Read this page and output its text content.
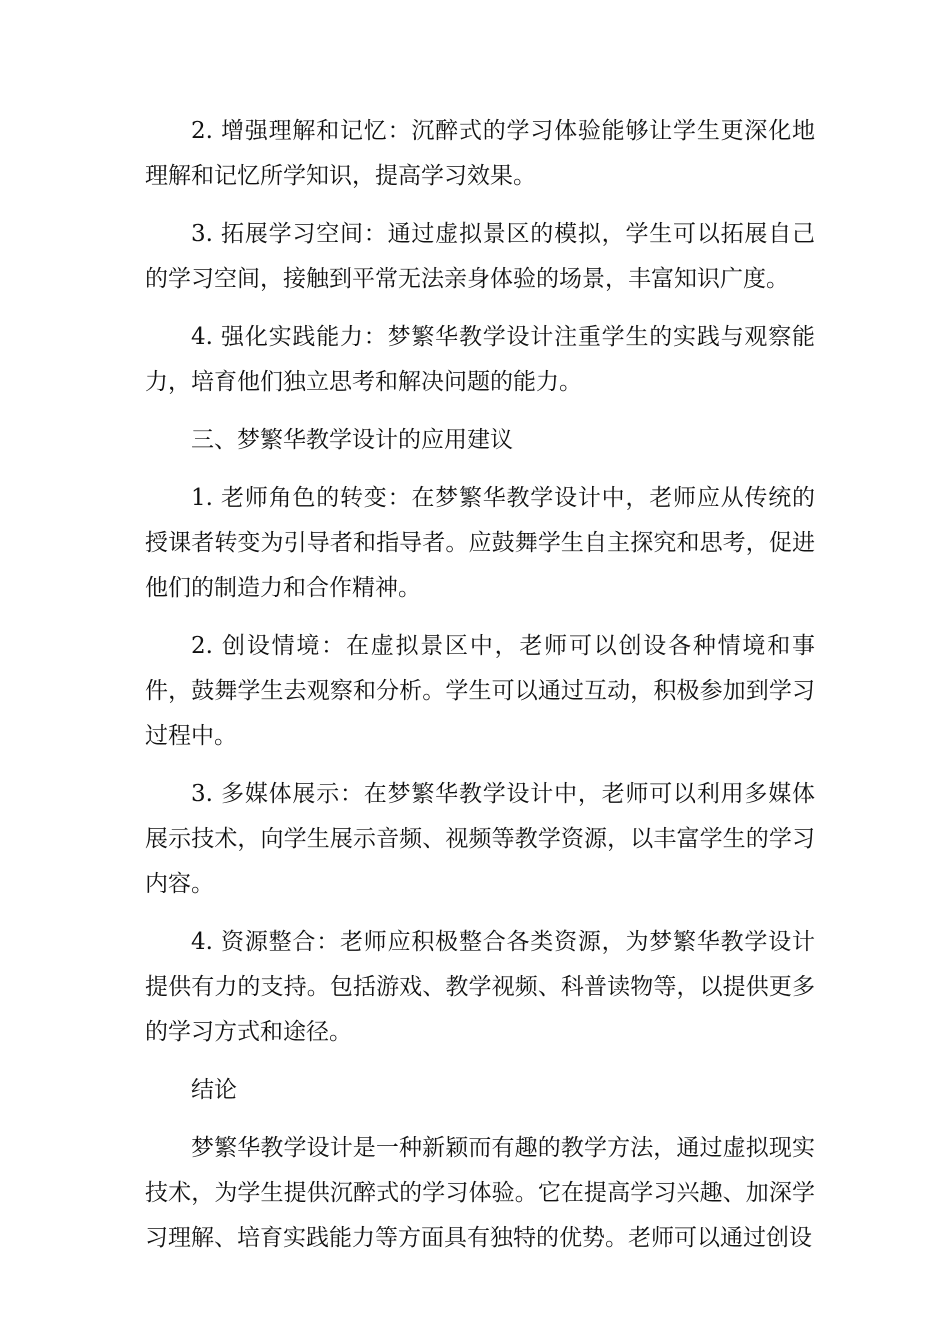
2. 增强理解和记忆：沉醉式的学习体验能够让学生更深化地理解和记忆所学知识，提高学习效果。

3. 拓展学习空间：通过虚拟景区的模拟，学生可以拓展自己的学习空间，接触到平常无法亲身体验的场景，丰富知识广度。

4. 强化实践能力：梦繁华教学设计注重学生的实践与观察能力，培育他们独立思考和解决问题的能力。

三、梦繁华教学设计的应用建议

1. 老师角色的转变：在梦繁华教学设计中，老师应从传统的授课者转变为引导者和指导者。应鼓舞学生自主探究和思考，促进他们的制造力和合作精神。

2. 创设情境：在虚拟景区中，老师可以创设各种情境和事件，鼓舞学生去观察和分析。学生可以通过互动，积极参加到学习过程中。

3. 多媒体展示：在梦繁华教学设计中，老师可以利用多媒体展示技术，向学生展示音频、视频等教学资源，以丰富学生的学习内容。

4. 资源整合：老师应积极整合各类资源，为梦繁华教学设计提供有力的支持。包括游戏、教学视频、科普读物等，以提供更多的学习方式和途径。

结论

梦繁华教学设计是一种新颖而有趣的教学方法，通过虚拟现实技术，为学生提供沉醉式的学习体验。它在提高学习兴趣、加深学习理解、培育实践能力等方面具有独特的优势。老师可以通过创设
